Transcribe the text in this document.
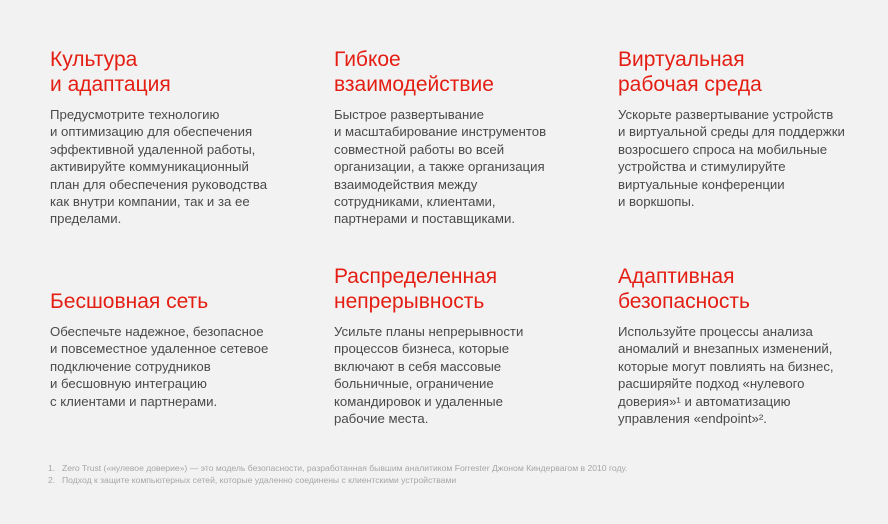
Культура
и адаптация

Предусмотрите технологию
и оптимизацию для обеспечения
эффективной удаленной работы,
активируйте коммуникационный
план для обеспечения руководства
как внутри компании, так и за ее
пределами.

Гибкое
взаимодействие

Быстрое развертывание
и масштабирование инструментов
совместной работы во всей
организации, а также организация
взаимодействия между
сотрудниками, клиентами,
партнерами и поставщиками.

Виртуальная
рабочая среда

Ускорьте развертывание устройств
и виртуальной среды для поддержки
возросшего спроса на мобильные
устройства и стимулируйте
виртуальные конференции
и воркшопы.

Бесшовная сеть

Обеспечьте надежное, безопасное
и повсеместное удаленное сетевое
подключение сотрудников
и бесшовную интеграцию
с клиентами и партнерами.

Распределенная
непрерывность

Усильте планы непрерывности
процессов бизнеса, которые
включают в себя массовые
больничные, ограничение
командировок и удаленные
рабочие места.

Адаптивная
безопасность

Используйте процессы анализа
аномалий и внезапных изменений,
которые могут повлиять на бизнес,
расширяйте подход «нулевого
доверия»¹ и автоматизацию
управления «endpoint»².

1. Zero Trust («нулевое доверие») — это модель безопасности, разработанная бывшим аналитиком Forrester Джоном Киндервагом в 2010 году.
2. Подход к защите компьютерных сетей, которые удаленно соединены с клиентскими устройствами
